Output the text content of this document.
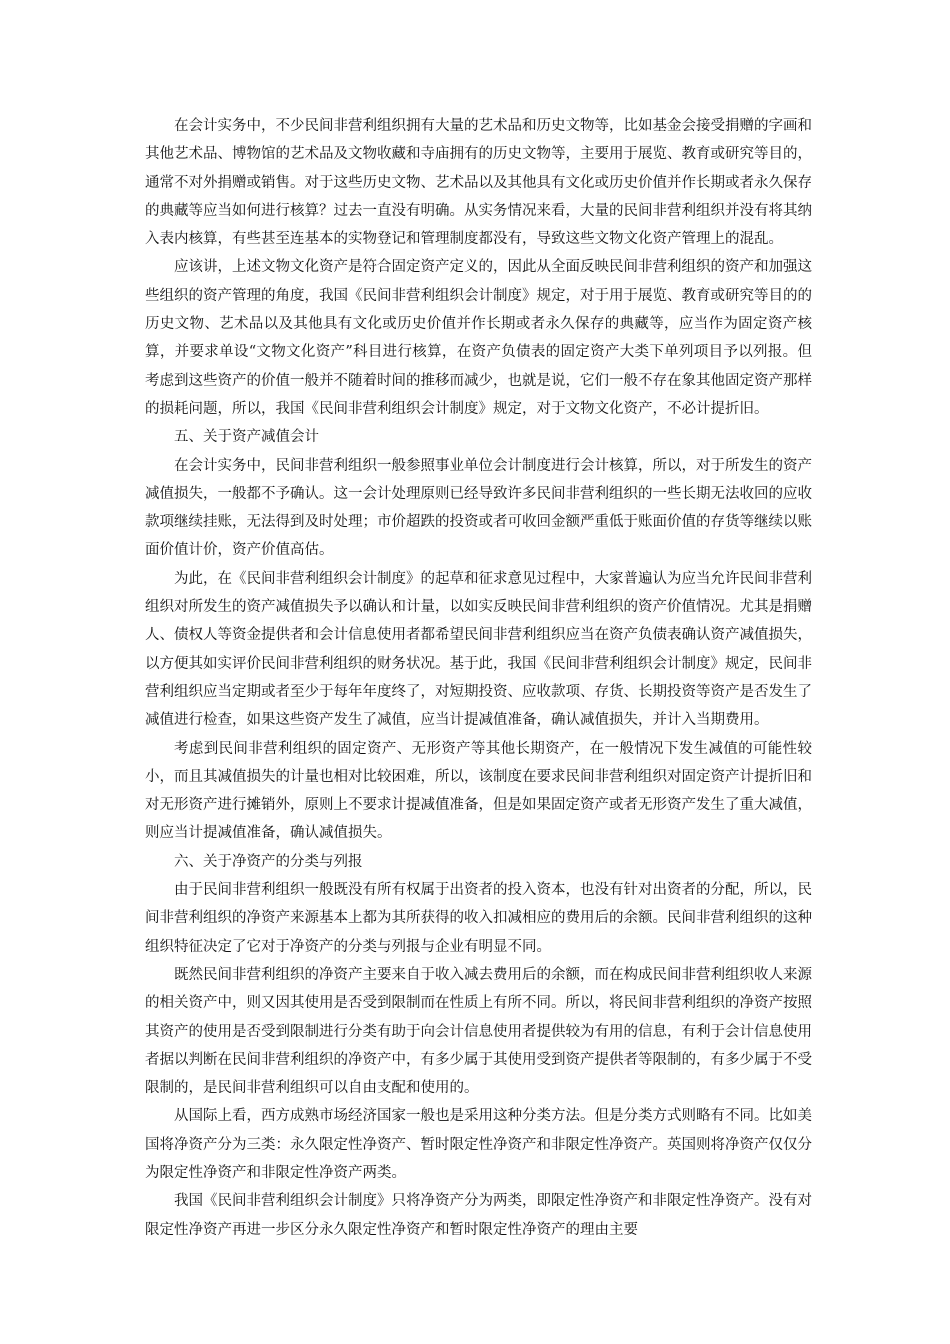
在会计实务中，不少民间非营利组织拥有大量的艺术品和历史文物等，比如基金会接受捐赠的字画和其他艺术品、博物馆的艺术品及文物收藏和寺庙拥有的历史文物等，主要用于展览、教育或研究等目的，通常不对外捐赠或销售。对于这些历史文物、艺术品以及其他具有文化或历史价值并作长期或者永久保存的典藏等应当如何进行核算？过去一直没有明确。从实务情况来看，大量的民间非营利组织并没有将其纳入表内核算，有些甚至连基本的实物登记和管理制度都没有，导致这些文物文化资产管理上的混乱。

应该讲，上述文物文化资产是符合固定资产定义的，因此从全面反映民间非营利组织的资产和加强这些组织的资产管理的角度，我国《民间非营利组织会计制度》规定，对于用于展览、教育或研究等目的的历史文物、艺术品以及其他具有文化或历史价值并作长期或者永久保存的典藏等，应当作为固定资产核算，并要求单设“文物文化资产”科目进行核算，在资产负债表的固定资产大类下单列项目予以列报。但考虑到这些资产的价值一般并不随着时间的推移而减少，也就是说，它们一般不存在象其他固定资产那样的损耗问题，所以，我国《民间非营利组织会计制度》规定，对于文物文化资产，不必计提折旧。

五、关于资产减值会计

在会计实务中，民间非营利组织一般参照事业单位会计制度进行会计核算，所以，对于所发生的资产减值损失，一般都不予确认。这一会计处理原则已经导致许多民间非营利组织的一些长期无法收回的应收款项继续挂账，无法得到及时处理；市价超跌的投资或者可收回金额严重低于账面价值的存货等继续以账面价值计价，资产价值高估。

为此，在《民间非营利组织会计制度》的起草和征求意见过程中，大家普遍认为应当允许民间非营利组织对所发生的资产减值损失予以确认和计量，以如实反映民间非营利组织的资产价值情况。尤其是捐赠人、债权人等资金提供者和会计信息使用者都希望民间非营利组织应当在资产负债表确认资产减值损失，以方便其如实评价民间非营利组织的财务状况。基于此，我国《民间非营利组织会计制度》规定，民间非营利组织应当定期或者至少于每年年度终了，对短期投资、应收款项、存货、长期投资等资产是否发生了减值进行检查，如果这些资产发生了减值，应当计提减值准备，确认减值损失，并计入当期费用。

考虑到民间非营利组织的固定资产、无形资产等其他长期资产，在一般情况下发生减值的可能性较小，而且其减值损失的计量也相对比较困难，所以，该制度在要求民间非营利组织对固定资产计提折旧和对无形资产进行摊销外，原则上不要求计提减值准备，但是如果固定资产或者无形资产发生了重大减值，则应当计提减值准备，确认减值损失。

六、关于净资产的分类与列报

由于民间非营利组织一般既没有所有权属于出资者的投入资本，也没有针对出资者的分配，所以，民间非营利组织的净资产来源基本上都为其所获得的收入扣减相应的费用后的余额。民间非营利组织的这种组织特征决定了它对于净资产的分类与列报与企业有明显不同。

既然民间非营利组织的净资产主要来自于收入减去费用后的余额，而在构成民间非营利组织收人来源的相关资产中，则又因其使用是否受到限制而在性质上有所不同。所以，将民间非营利组织的净资产按照其资产的使用是否受到限制进行分类有助于向会计信息使用者提供较为有用的信息，有利于会计信息使用者据以判断在民间非营利组织的净资产中，有多少属于其使用受到资产提供者等限制的，有多少属于不受限制的，是民间非营利组织可以自由支配和使用的。

从国际上看，西方成熟市场经济国家一般也是采用这种分类方法。但是分类方式则略有不同。比如美国将净资产分为三类：永久限定性净资产、暂时限定性净资产和非限定性净资产。英国则将净资产仅仅分为限定性净资产和非限定性净资产两类。

我国《民间非营利组织会计制度》只将净资产分为两类，即限定性净资产和非限定性净资产。没有对限定性净资产再进一步区分永久限定性净资产和暂时限定性净资产的理由主要
